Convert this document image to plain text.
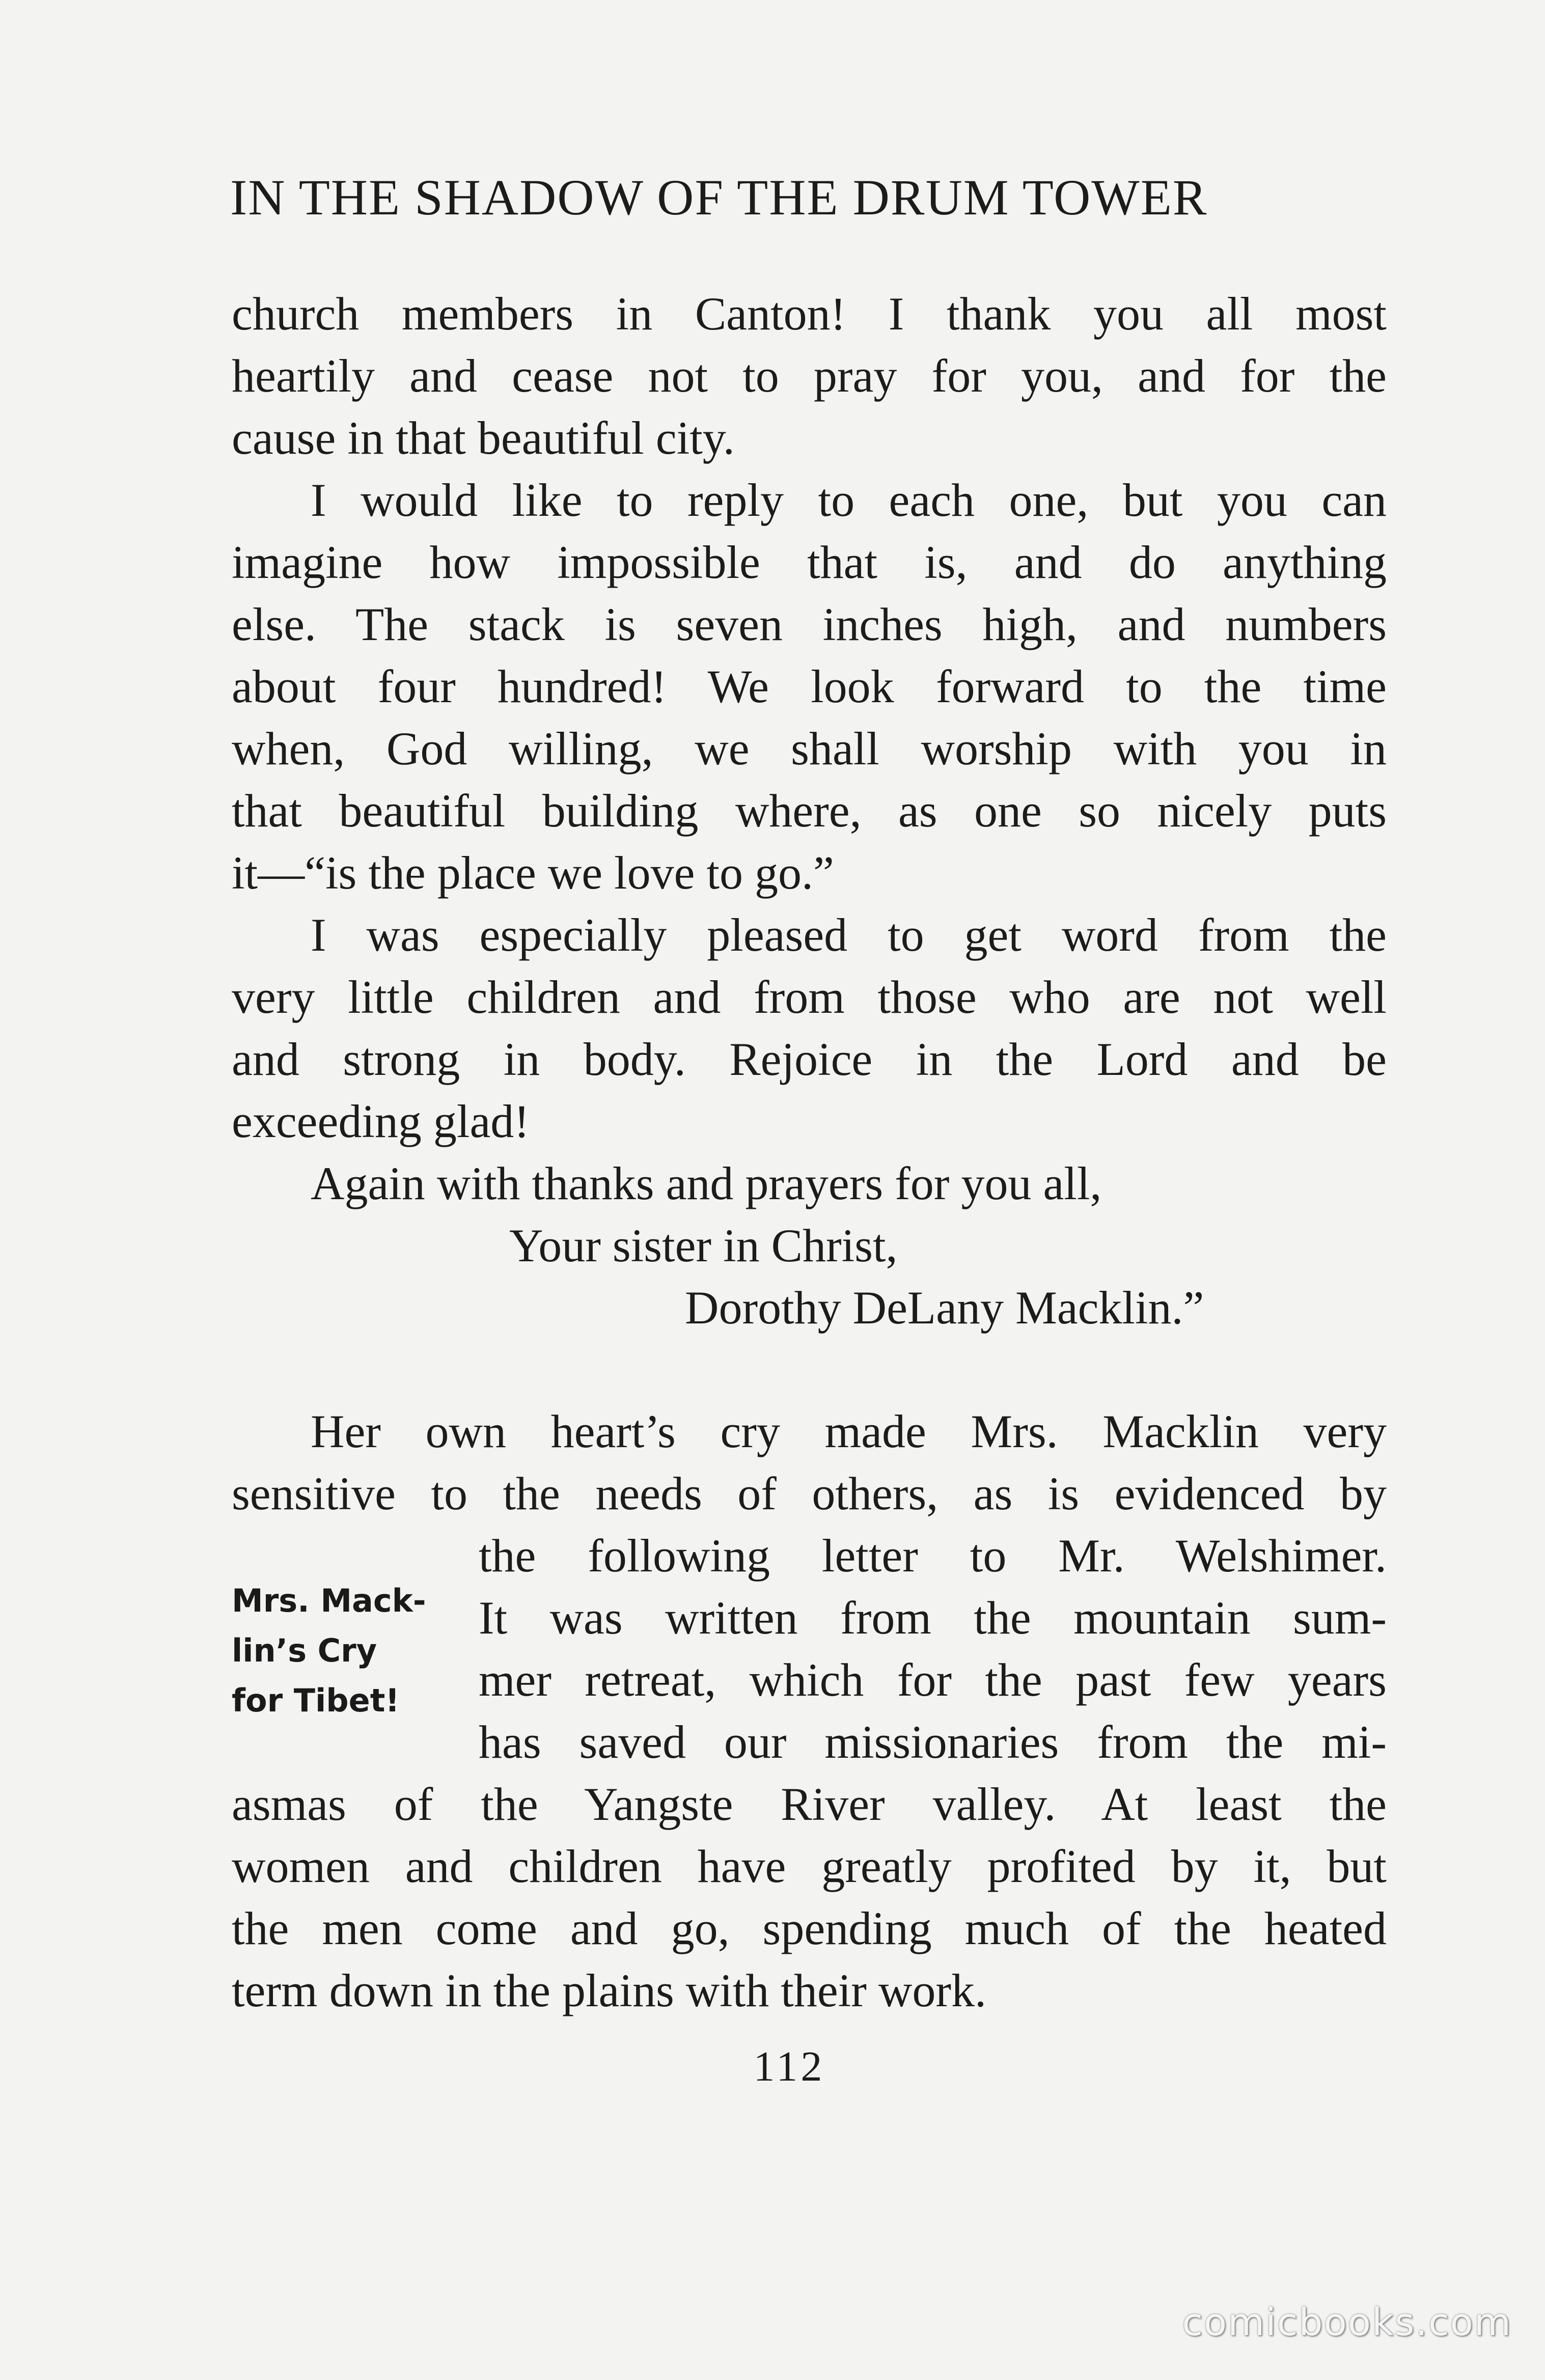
IN THE SHADOW OF THE DRUM TOWER
church members in Canton! I thank you all most
heartily and cease not to pray for you, and for the
cause in that beautiful city.
I would like to reply to each one, but you can
imagine how impossible that is, and do anything
else. The stack is seven inches high, and numbers
about four hundred! We look forward to the time
when, God willing, we shall worship with you in
that beautiful building where, as one so nicely puts
it—“is the place we love to go.”
I was especially pleased to get word from the
very little children and from those who are not well
and strong in body. Rejoice in the Lord and be
exceeding glad!
Again with thanks and prayers for you all,
Your sister in Christ,
Dorothy DeLany Macklin.”
Her own heart’s cry made Mrs. Macklin very
sensitive to the needs of others, as is evidenced by
the following letter to Mr. Welshimer.
It was written from the mountain sum-
mer retreat, which for the past few years
has saved our missionaries from the mi-
asmas of the Yangste River valley. At least the
women and children have greatly profited by it, but
the men come and go, spending much of the heated
term down in the plains with their work.
Mrs. Mack-
lin’s Cry
for Tibet!
112
comicbooks.com
